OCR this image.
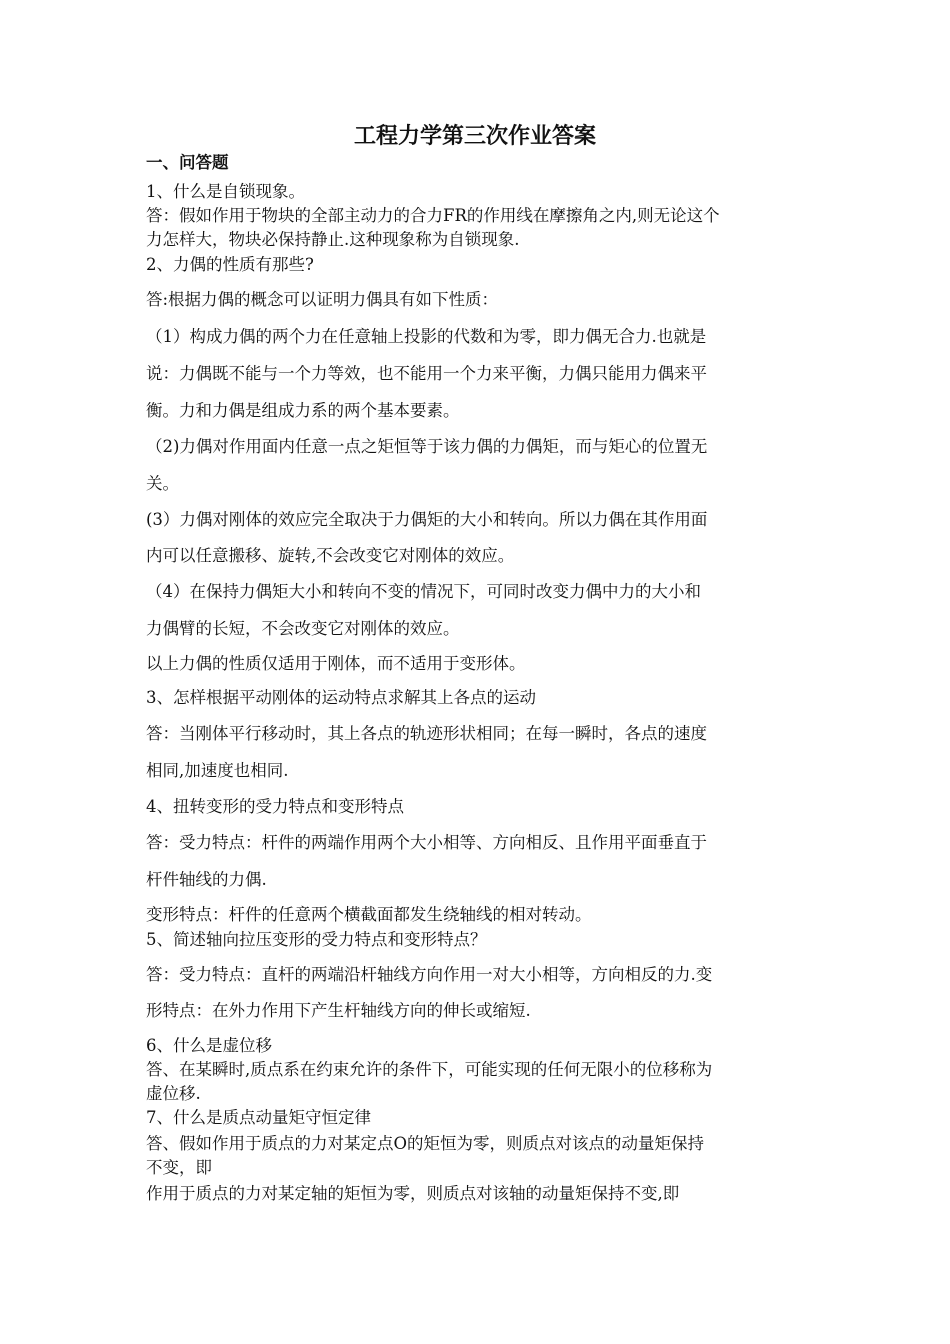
工程力学第三次作业答案
一、问答题
1、什么是自锁现象。
答：假如作用于物块的全部主动力的合力FR的作用线在摩擦角之内,则无论这个
力怎样大，物块必保持静止.这种现象称为自锁现象.
2、力偶的性质有那些?
答:根据力偶的概念可以证明力偶具有如下性质：
（1）构成力偶的两个力在任意轴上投影的代数和为零，即力偶无合力.也就是
说：力偶既不能与一个力等效，也不能用一个力来平衡，力偶只能用力偶来平
衡。力和力偶是组成力系的两个基本要素。
（2)力偶对作用面内任意一点之矩恒等于该力偶的力偶矩，而与矩心的位置无
关。
(3）力偶对刚体的效应完全取决于力偶矩的大小和转向。所以力偶在其作用面
内可以任意搬移、旋转,不会改变它对刚体的效应。
（4）在保持力偶矩大小和转向不变的情况下，可同时改变力偶中力的大小和
力偶臂的长短，不会改变它对刚体的效应。
以上力偶的性质仅适用于刚体，而不适用于变形体。
3、怎样根据平动刚体的运动特点求解其上各点的运动
答：当刚体平行移动时，其上各点的轨迹形状相同；在每一瞬时，各点的速度
相同,加速度也相同.
4、扭转变形的受力特点和变形特点
答：受力特点：杆件的两端作用两个大小相等、方向相反、且作用平面垂直于
杆件轴线的力偶.
变形特点：杆件的任意两个横截面都发生绕轴线的相对转动。
5、简述轴向拉压变形的受力特点和变形特点？
答：受力特点：直杆的两端沿杆轴线方向作用一对大小相等，方向相反的力.变
形特点：在外力作用下产生杆轴线方向的伸长或缩短.
6、什么是虚位移
答、在某瞬时,质点系在约束允许的条件下，可能实现的任何无限小的位移称为
虚位移.
7、什么是质点动量矩守恒定律
答、假如作用于质点的力对某定点O的矩恒为零，则质点对该点的动量矩保持
不变，即
作用于质点的力对某定轴的矩恒为零，则质点对该轴的动量矩保持不变,即
